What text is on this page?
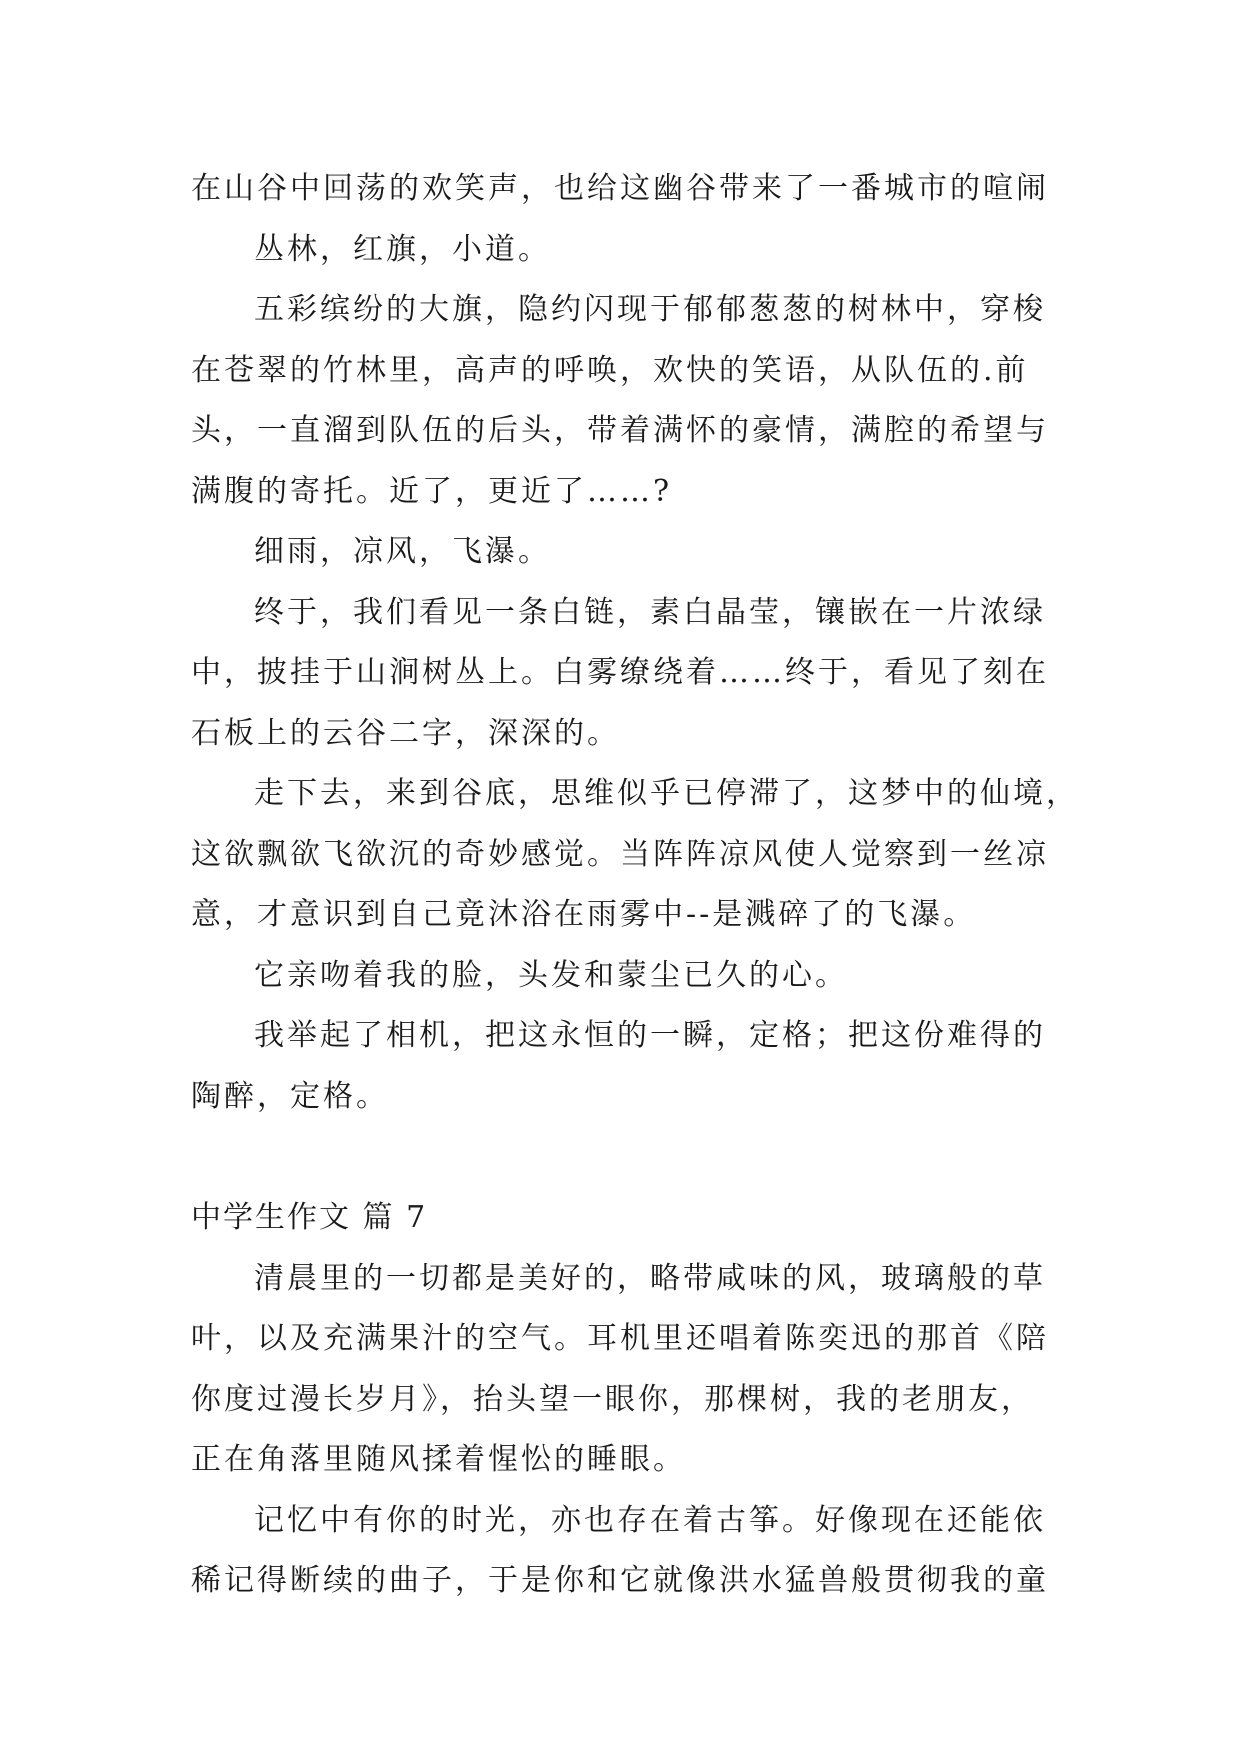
在山谷中回荡的欢笑声，也给这幽谷带来了一番城市的喧闹
丛林，红旗，小道。
五彩缤纷的大旗，隐约闪现于郁郁葱葱的树林中，穿梭
在苍翠的竹林里，高声的呼唤，欢快的笑语，从队伍的.前
头，一直溜到队伍的后头，带着满怀的豪情，满腔的希望与
满腹的寄托。近了，更近了……?
细雨，凉风，飞瀑。
终于，我们看见一条白链，素白晶莹，镶嵌在一片浓绿
中，披挂于山涧树丛上。白雾缭绕着……终于，看见了刻在
石板上的云谷二字，深深的。
走下去，来到谷底，思维似乎已停滞了，这梦中的仙境，
这欲飘欲飞欲沉的奇妙感觉。当阵阵凉风使人觉察到一丝凉
意，才意识到自己竟沐浴在雨雾中--是溅碎了的飞瀑。
它亲吻着我的脸，头发和蒙尘已久的心。
我举起了相机，把这永恒的一瞬，定格；把这份难得的
陶醉，定格。
中学生作文 篇 7
清晨里的一切都是美好的，略带咸味的风，玻璃般的草
叶，以及充满果汁的空气。耳机里还唱着陈奕迅的那首《陪
你度过漫长岁月》，抬头望一眼你，那棵树，我的老朋友，
正在角落里随风揉着惺忪的睡眼。
记忆中有你的时光，亦也存在着古筝。好像现在还能依
稀记得断续的曲子，于是你和它就像洪水猛兽般贯彻我的童
